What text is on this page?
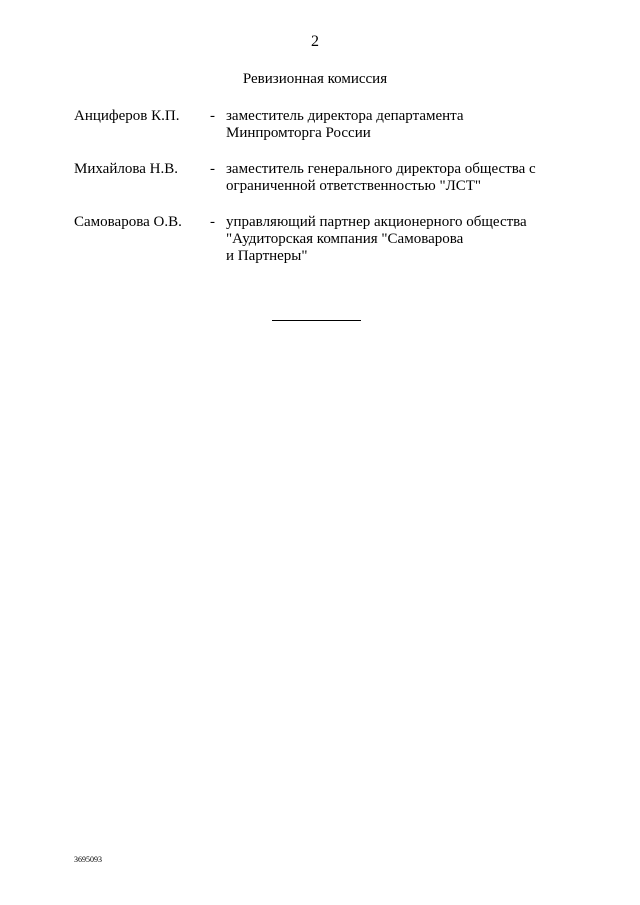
2
Ревизионная комиссия
Анциферов К.П.	- заместитель директора департамента
Минпромторга России
Михайлова Н.В.	- заместитель генерального директора общества с
ограниченной ответственностью "ЛСТ"
Самоварова О.В.	- управляющий партнер акционерного общества
"Аудиторская компания "Самоварова
и Партнеры"
3695093
